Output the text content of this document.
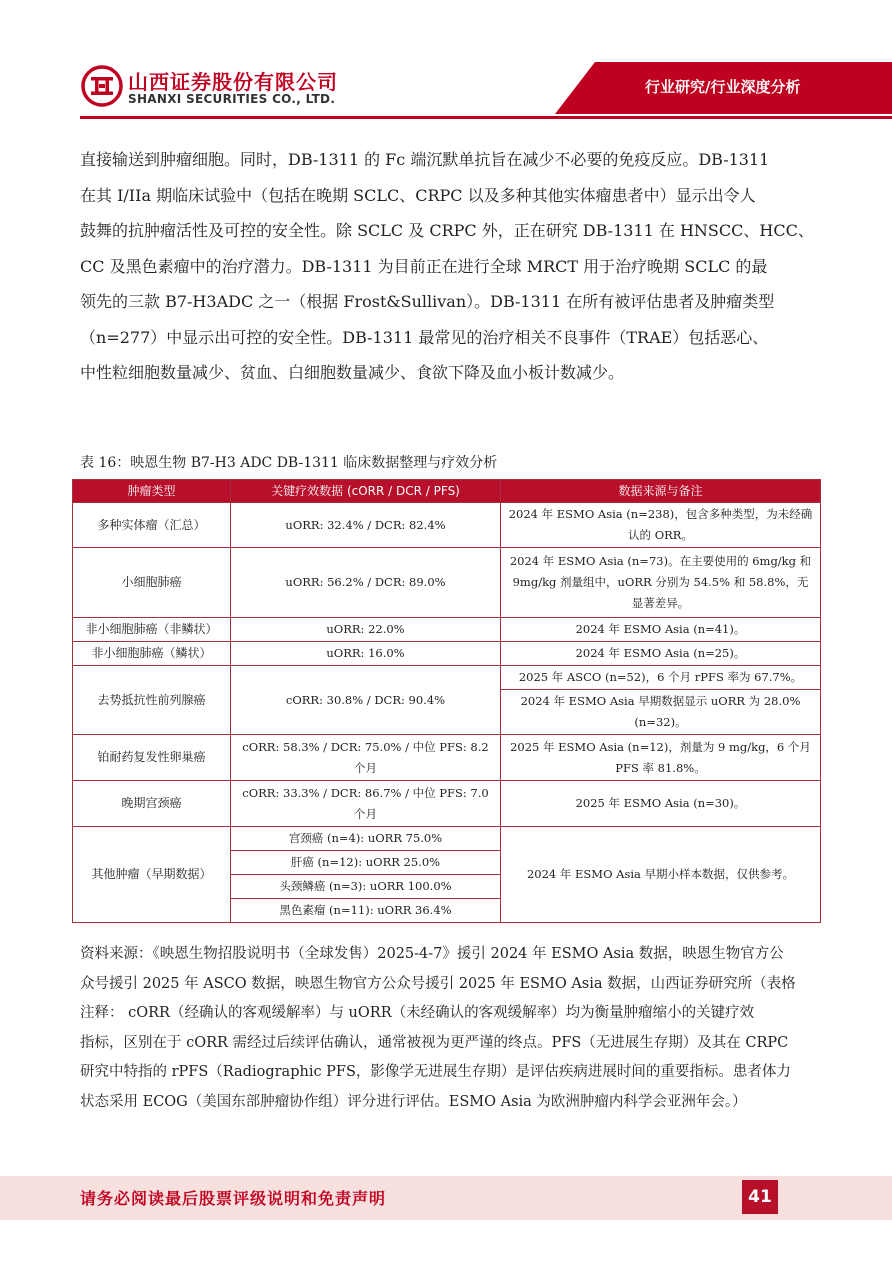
山西证券股份有限公司
SHANXI SECURITIES CO., LTD.
行业研究/行业深度分析

直接输送到肿瘤细胞。同时，DB-1311 的 Fc 端沉默单抗旨在减少不必要的免疫反应。DB-1311
在其 I/IIa 期临床试验中（包括在晚期 SCLC、CRPC 以及多种其他实体瘤患者中）显示出令人
鼓舞的抗肿瘤活性及可控的安全性。除 SCLC 及 CRPC 外，正在研究 DB-1311 在 HNSCC、HCC、
CC 及黑色素瘤中的治疗潜力。DB-1311 为目前正在进行全球 MRCT 用于治疗晚期 SCLC 的最
领先的三款 B7-H3ADC 之一（根据 Frost&Sullivan）。DB-1311 在所有被评估患者及肿瘤类型
（n=277）中显示出可控的安全性。DB-1311 最常见的治疗相关不良事件（TRAE）包括恶心、
中性粒细胞数量减少、贫血、白细胞数量减少、食欲下降及血小板计数减少。

表 16：映恩生物 B7-H3 ADC DB-1311 临床数据整理与疗效分析
肿瘤类型	关键疗效数据 (cORR / DCR / PFS)	数据来源与备注
多种实体瘤（汇总）	uORR: 32.4% / DCR: 82.4%	2024 年 ESMO Asia (n=238)，包含多种类型，为未经确认的 ORR。
小细胞肺癌	uORR: 56.2% / DCR: 89.0%	2024 年 ESMO Asia (n=73)。在主要使用的 6mg/kg 和 9mg/kg 剂量组中，uORR 分别为 54.5% 和 58.8%，无显著差异。
非小细胞肺癌（非鳞状）	uORR: 22.0%	2024 年 ESMO Asia (n=41)。
非小细胞肺癌（鳞状）	uORR: 16.0%	2024 年 ESMO Asia (n=25)。
去势抵抗性前列腺癌	cORR: 30.8% / DCR: 90.4%	2025 年 ASCO (n=52)，6 个月 rPFS 率为 67.7%。
		2024 年 ESMO Asia 早期数据显示 uORR 为 28.0% (n=32)。
铂耐药复发性卵巢癌	cORR: 58.3% / DCR: 75.0% / 中位 PFS: 8.2 个月	2025 年 ESMO Asia (n=12)，剂量为 9 mg/kg，6 个月 PFS 率 81.8%。
晚期宫颈癌	cORR: 33.3% / DCR: 86.7% / 中位 PFS: 7.0 个月	2025 年 ESMO Asia (n=30)。
其他肿瘤（早期数据）	宫颈癌 (n=4): uORR 75.0%	2024 年 ESMO Asia 早期小样本数据，仅供参考。
	肝癌 (n=12): uORR 25.0%	
	头颈鳞癌 (n=3): uORR 100.0%	
	黑色素瘤 (n=11): uORR 36.4%	

资料来源：《映恩生物招股说明书（全球发售）2025-4-7》援引 2024 年 ESMO Asia 数据，映恩生物官方公
众号援引 2025 年 ASCO 数据，映恩生物官方公众号援引 2025 年 ESMO Asia 数据，山西证券研究所（表格
注释： cORR（经确认的客观缓解率）与 uORR（未经确认的客观缓解率）均为衡量肿瘤缩小的关键疗效
指标，区别在于 cORR 需经过后续评估确认，通常被视为更严谨的终点。PFS（无进展生存期）及其在 CRPC
研究中特指的 rPFS（Radiographic PFS，影像学无进展生存期）是评估疾病进展时间的重要指标。患者体力
状态采用 ECOG（美国东部肿瘤协作组）评分进行评估。ESMO Asia 为欧洲肿瘤内科学会亚洲年会。）

请务必阅读最后股票评级说明和免责声明	41
